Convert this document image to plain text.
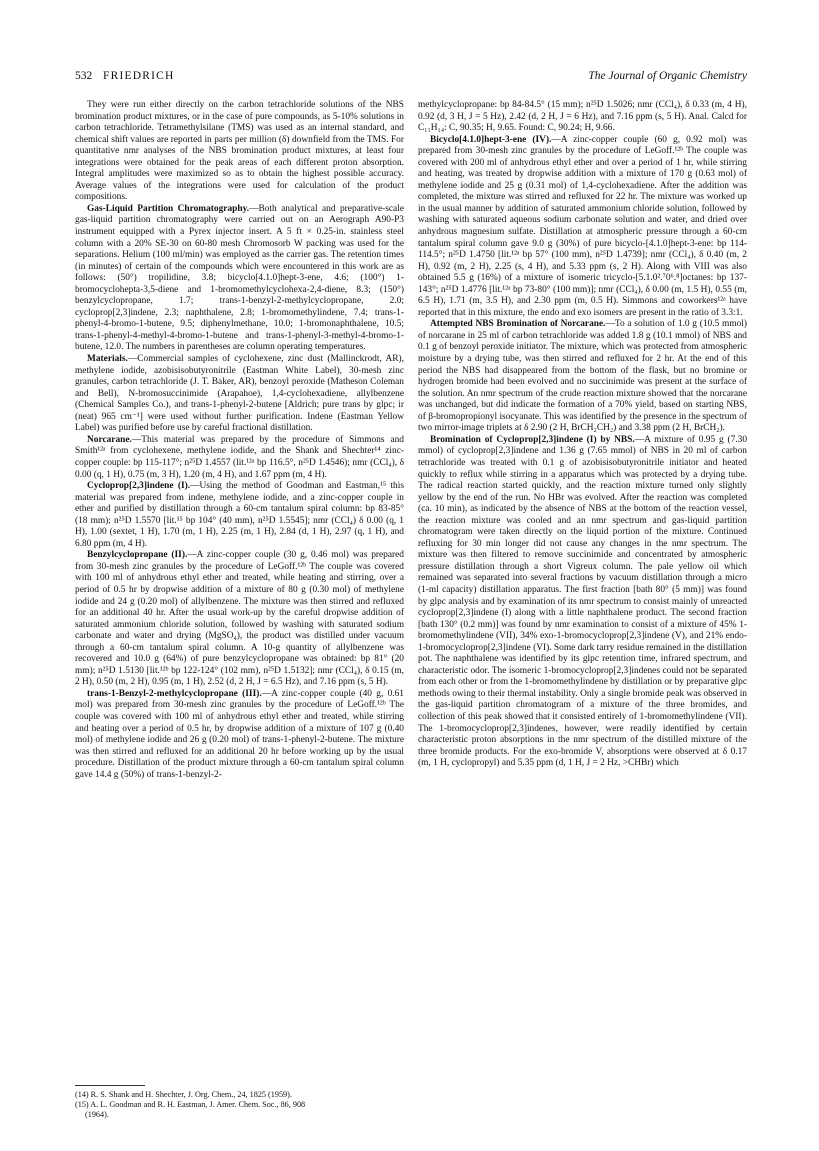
532 FRIEDRICH	The Journal of Organic Chemistry

They were run either directly on the carbon tetrachloride solutions of the NBS bromination product mixtures, or in the case of pure compounds, as 5-10% solutions in carbon tetrachloride. Tetramethylsilane (TMS) was used as an internal standard, and chemical shift values are reported in parts per million (δ) downfield from the TMS. For quantitative nmr analyses of the NBS bromination product mixtures, at least four integrations were obtained for the peak areas of each different proton absorption. Integral amplitudes were maximized so as to obtain the highest possible accuracy. Average values of the integrations were used for calculation of the product compositions.

Gas-Liquid Partition Chromatography.—Both analytical and preparative-scale gas-liquid partition chromatography were carried out on an Aerograph A90-P3 instrument equipped with a Pyrex injector insert. A 5 ft × 0.25-in. stainless steel column with a 20% SE-30 on 60-80 mesh Chromosorb W packing was used for the separations. Helium (100 ml/min) was employed as the carrier gas. The retention times (in minutes) of certain of the compounds which were encountered in this work are as follows: (50°) tropilidine, 3.8; bicyclo[4.1.0]hept-3-ene, 4.6; (100°) 1-bromocyclohepta-3,5-diene and 1-bromomethylcyclohexa-2,4-diene, 8.3; (150°) benzylcyclopropane, 1.7; trans-1-benzyl-2-methylcyclopropane, 2.0; cycloprop[2,3]indene, 2.3; naphthalene, 2.8; 1-bromomethylindene, 7.4; trans-1-phenyl-4-bromo-1-butene, 9.5; diphenylmethane, 10.0; 1-bromonaphthalene, 10.5; trans-1-phenyl-4-methyl-4-bromo-1-butene and trans-1-phenyl-3-methyl-4-bromo-1-butene, 12.0. The numbers in parentheses are column operating temperatures.

Materials.—Commercial samples of cyclohexene, zinc dust (Mallinckrodt, AR), methylene iodide, azobisisobutyronitrile (Eastman White Label), 30-mesh zinc granules, carbon tetrachloride (J. T. Baker, AR), benzoyl peroxide (Matheson Coleman and Bell), N-bromosuccinimide (Arapahoe), 1,4-cyclohexadiene, allylbenzene (Chemical Samples Co.), and trans-1-phenyl-2-butene [Aldrich; pure trans by glpc; ir (neat) 965 cm⁻¹] were used without further purification. Indene (Eastman Yellow Label) was purified before use by careful fractional distillation.

Norcarane.—This material was prepared by the procedure of Simmons and Smith¹²ᵃ from cyclohexene, methylene iodide, and the Shank and Shechter¹⁴ zinc-copper couple: bp 115-117°; n²⁵D 1.4557 (lit.¹²ᵃ bp 116.5°, n²⁵D 1.4546); nmr (CCl₄), δ 0.00 (q, 1 H), 0.75 (m, 3 H), 1.20 (m, 4 H), and 1.67 ppm (m, 4 H).

Cycloprop[2,3]indene (I).—Using the method of Goodman and Eastman,¹⁵ this material was prepared from indene, methylene iodide, and a zinc-copper couple in ether and purified by distillation through a 60-cm tantalum spiral column: bp 83-85° (18 mm); n²⁵D 1.5570 [lit.¹⁵ bp 104° (40 mm), n²⁵D 1.5545]; nmr (CCl₄) δ 0.00 (q, 1 H), 1.00 (sextet, 1 H), 1.70 (m, 1 H), 2.25 (m, 1 H), 2.84 (d, 1 H), 2.97 (q, 1 H), and 6.80 ppm (m, 4 H).

Benzylcyclopropane (II).—A zinc-copper couple (30 g, 0.46 mol) was prepared from 30-mesh zinc granules by the procedure of LeGoff.¹²ᵇ The couple was covered with 100 ml of anhydrous ethyl ether and treated, while heating and stirring, over a period of 0.5 hr by dropwise addition of a mixture of 80 g (0.30 mol) of methylene iodide and 24 g (0.20 mol) of allylbenzene. The mixture was then stirred and refluxed for an additional 40 hr. After the usual work-up by the careful dropwise addition of saturated ammonium chloride solution, followed by washing with saturated sodium carbonate and water and drying (MgSO₄), the product was distilled under vacuum through a 60-cm tantalum spiral column. A 10-g quantity of allylbenzene was recovered and 10.0 g (64%) of pure benzylcyclopropane was obtained: bp 81° (20 mm); n²⁵D 1.5130 [lit.¹²ᵇ bp 122-124° (102 mm), n²⁵D 1.5132]; nmr (CCl₄), δ 0.15 (m, 2 H), 0.50 (m, 2 H), 0.95 (m, 1 H), 2.52 (d, 2 H, J = 6.5 Hz), and 7.16 ppm (s, 5 H).

trans-1-Benzyl-2-methylcyclopropane (III).—A zinc-copper couple (40 g, 0.61 mol) was prepared from 30-mesh zinc granules by the procedure of LeGoff.¹²ᵇ The couple was covered with 100 ml of anhydrous ethyl ether and treated, while stirring and heating over a period of 0.5 hr, by dropwise addition of a mixture of 107 g (0.40 mol) of methylene iodide and 26 g (0.20 mol) of trans-1-phenyl-2-butene. The mixture was then stirred and refluxed for an additional 20 hr before working up by the usual procedure. Distillation of the product mixture through a 60-cm tantalum spiral column gave 14.4 g (50%) of trans-1-benzyl-2-

methylcyclopropane: bp 84-84.5° (15 mm); n²⁵D 1.5026; nmr (CCl₄), δ 0.33 (m, 4 H), 0.92 (d, 3 H, J = 5 Hz), 2.42 (d, 2 H, J = 6 Hz), and 7.16 ppm (s, 5 H). Anal. Calcd for C₁₁H₁₄: C, 90.35; H, 9.65. Found: C, 90.24; H, 9.66.

Bicyclo[4.1.0]hept-3-ene (IV).—A zinc-copper couple (60 g, 0.92 mol) was prepared from 30-mesh zinc granules by the procedure of LeGoff.¹²ᵇ The couple was covered with 200 ml of anhydrous ethyl ether and over a period of 1 hr, while stirring and heating, was treated by dropwise addition with a mixture of 170 g (0.63 mol) of methylene iodide and 25 g (0.31 mol) of 1,4-cyclohexadiene. After the addition was completed, the mixture was stirred and refluxed for 22 hr. The mixture was worked up in the usual manner by addition of saturated ammonium chloride solution, followed by washing with saturated aqueous sodium carbonate solution and water, and dried over anhydrous magnesium sulfate. Distillation at atmospheric pressure through a 60-cm tantalum spiral column gave 9.0 g (30%) of pure bicyclo-[4.1.0]hept-3-ene: bp 114-114.5°; n²⁵D 1.4750 [lit.¹²ᵃ bp 57° (100 mm), n²⁵D 1.4739]; nmr (CCl₄), δ 0.40 (m, 2 H), 0.92 (m, 2 H), 2.25 (s, 4 H), and 5.33 ppm (s, 2 H). Along with VIII was also obtained 5.5 g (16%) of a mixture of isomeric tricyclo-[5.1.0².⁷0⁶.⁸]octanes: bp 137-143°; n²⁵D 1.4776 [lit.¹²ᵃ bp 73-80° (100 mm)]; nmr (CCl₄), δ 0.00 (m, 1.5 H), 0.55 (m, 6.5 H), 1.71 (m, 3.5 H), and 2.30 ppm (m, 0.5 H). Simmons and coworkers¹²ᵃ have reported that in this mixture, the endo and exo isomers are present in the ratio of 3.3:1.

Attempted NBS Bromination of Norcarane.—To a solution of 1.0 g (10.5 mmol) of norcarane in 25 ml of carbon tetrachloride was added 1.8 g (10.1 mmol) of NBS and 0.1 g of benzoyl peroxide initiator. The mixture, which was protected from atmospheric moisture by a drying tube, was then stirred and refluxed for 2 hr. At the end of this period the NBS had disappeared from the bottom of the flask, but no bromine or hydrogen bromide had been evolved and no succinimide was present at the surface of the solution. An nmr spectrum of the crude reaction mixture showed that the norcarane was unchanged, but did indicate the formation of a 70% yield, based on starting NBS, of β-bromopropionyl isocyanate. This was identified by the presence in the spectrum of two mirror-image triplets at δ 2.90 (2 H, BrCH₂CH₂) and 3.38 ppm (2 H, BrCH₂).

Bromination of Cycloprop[2,3]indene (I) by NBS.—A mixture of 0.95 g (7.30 mmol) of cycloprop[2,3]indene and 1.36 g (7.65 mmol) of NBS in 20 ml of carbon tetrachloride was treated with 0.1 g of azobisisobutyronitrile initiator and heated quickly to reflux while stirring in a apparatus which was protected by a drying tube. The radical reaction started quickly, and the reaction mixture turned only slightly yellow by the end of the run. No HBr was evolved. After the reaction was completed (ca. 10 min), as indicated by the absence of NBS at the bottom of the reaction vessel, the reaction mixture was cooled and an nmr spectrum and gas-liquid partition chromatogram were taken directly on the liquid portion of the mixture. Continued refluxing for 30 min longer did not cause any changes in the nmr spectrum. The mixture was then filtered to remove succinimide and concentrated by atmospheric pressure distillation through a short Vigreux column. The pale yellow oil which remained was separated into several fractions by vacuum distillation through a micro (1-ml capacity) distillation apparatus. The first fraction [bath 80° (5 mm)] was found by glpc analysis and by examination of its nmr spectrum to consist mainly of unreacted cycloprop[2,3]indene (I) along with a little naphthalene product. The second fraction [bath 130° (0.2 mm)] was found by nmr examination to consist of a mixture of 45% 1-bromomethylindene (VII), 34% exo-1-bromocycloprop[2,3]indene (V), and 21% endo-1-bromocycloprop[2,3]indene (VI). Some dark tarry residue remained in the distillation pot. The naphthalene was identified by its glpc retention time, infrared spectrum, and characteristic odor. The isomeric 1-bromocycloprop[2,3]indenes could not be separated from each other or from the 1-bromomethylindene by distillation or by preparative glpc methods owing to their thermal instability. Only a single bromide peak was observed in the gas-liquid partition chromatogram of a mixture of the three bromides, and collection of this peak showed that it consisted entirely of 1-bromomethylindene (VII). The 1-bromocycloprop[2,3]indenes, however, were readily identified by certain characteristic proton absorptions in the nmr spectrum of the distilled mixture of the three bromide products. For the exo-bromide V, absorptions were observed at δ 0.17 (m, 1 H, cyclopropyl) and 5.35 ppm (d, 1 H, J = 2 Hz, >CHBr) which

(14) R. S. Shank and H. Shechter, J. Org. Chem., 24, 1825 (1959).
(15) A. L. Goodman and R. H. Eastman, J. Amer. Chem. Soc., 86, 908
(1964).
